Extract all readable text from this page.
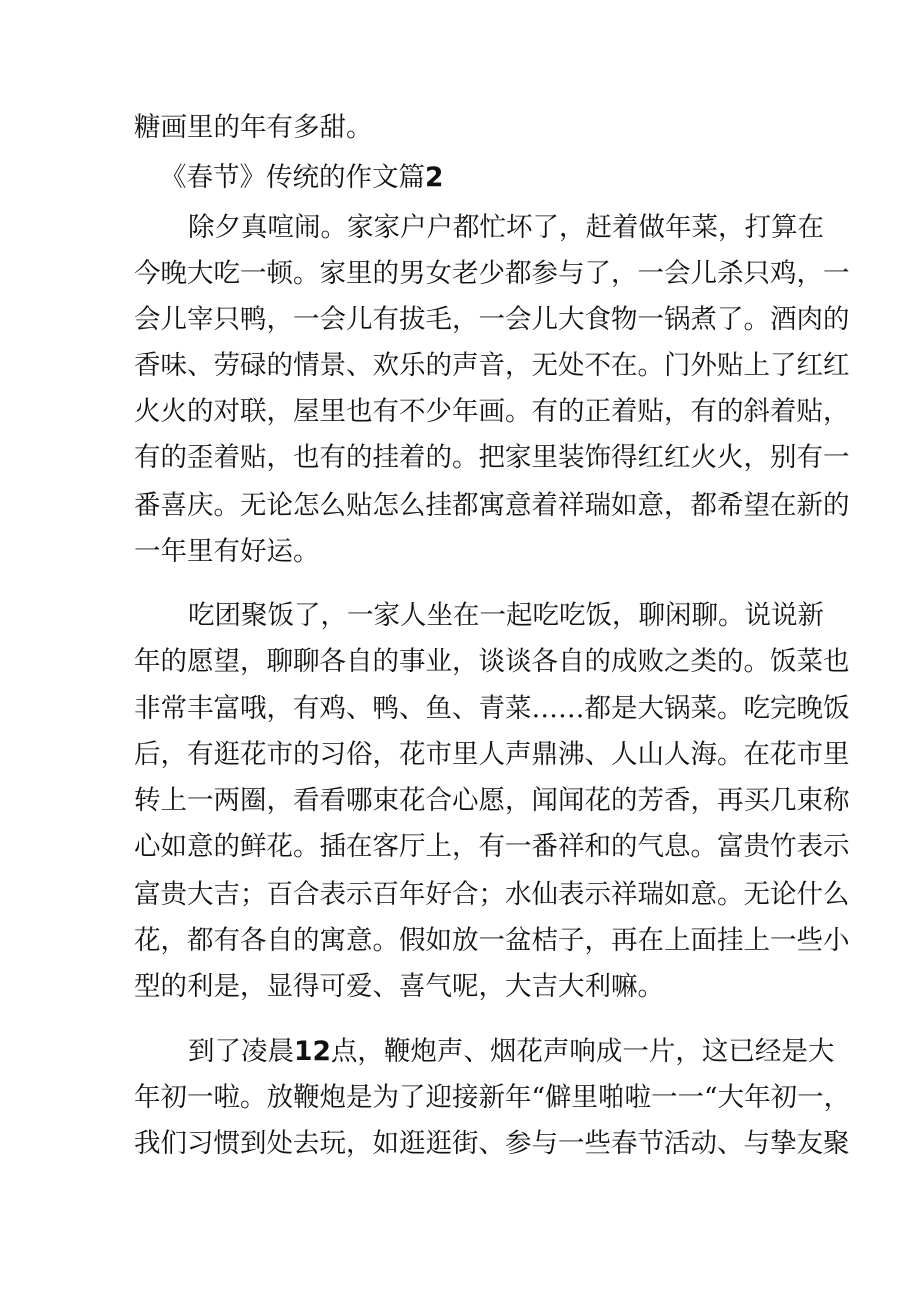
糖画里的年有多甜。
《春节》传统的作文篇2
除夕真喧闹。家家户户都忙坏了，赶着做年菜，打算在
今晚大吃一顿。家里的男女老少都参与了，一会儿杀只鸡，一
会儿宰只鸭，一会儿有拔毛，一会儿大食物一锅煮了。酒肉的
香味、劳碌的情景、欢乐的声音，无处不在。门外贴上了红红
火火的对联，屋里也有不少年画。有的正着贴，有的斜着贴，
有的歪着贴，也有的挂着的。把家里装饰得红红火火，别有一
番喜庆。无论怎么贴怎么挂都寓意着祥瑞如意，都希望在新的
一年里有好运。
吃团聚饭了，一家人坐在一起吃吃饭，聊闲聊。说说新
年的愿望，聊聊各自的事业，谈谈各自的成败之类的。饭菜也
非常丰富哦，有鸡、鸭、鱼、青菜……都是大锅菜。吃完晚饭
后，有逛花市的习俗，花市里人声鼎沸、人山人海。在花市里
转上一两圈，看看哪束花合心愿，闻闻花的芳香，再买几束称
心如意的鲜花。插在客厅上，有一番祥和的气息。富贵竹表示
富贵大吉；百合表示百年好合；水仙表示祥瑞如意。无论什么
花，都有各自的寓意。假如放一盆桔子，再在上面挂上一些小
型的利是，显得可爱、喜气呢，大吉大利嘛。
到了凌晨12点，鞭炮声、烟花声响成一片，这已经是大
年初一啦。放鞭炮是为了迎接新年“僻里啪啦一一“大年初一，
我们习惯到处去玩，如逛逛街、参与一些春节活动、与挚友聚
